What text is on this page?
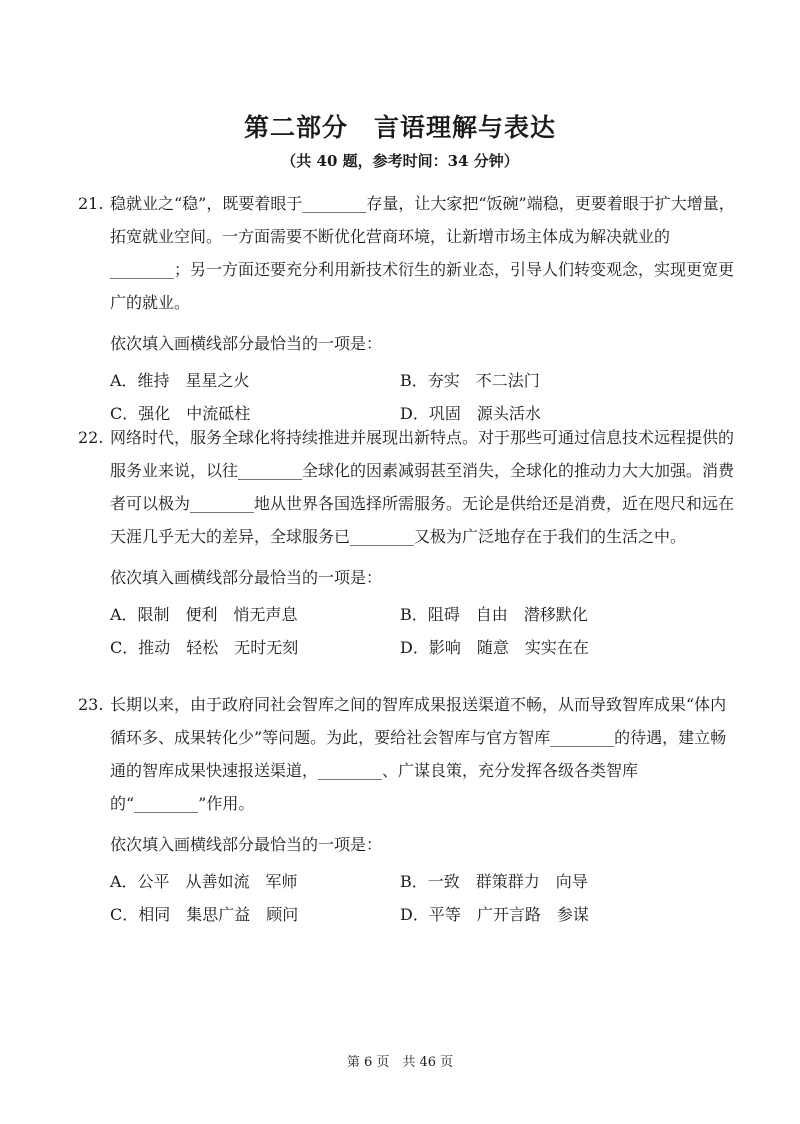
第二部分　言语理解与表达
（共 40 题，参考时间：34 分钟）

21. 稳就业之“稳”，既要着眼于________存量，让大家把“饭碗”端稳，更要着眼于扩大增量，拓宽就业空间。一方面需要不断优化营商环境，让新增市场主体成为解决就业的________；另一方面还要充分利用新技术衍生的新业态，引导人们转变观念，实现更宽更广的就业。

依次填入画横线部分最恰当的一项是：
A．维持　星星之火	B．夯实　不二法门
C．强化　中流砥柱	D．巩固　源头活水

22. 网络时代，服务全球化将持续推进并展现出新特点。对于那些可通过信息技术远程提供的服务业来说，以往________全球化的因素减弱甚至消失，全球化的推动力大大加强。消费者可以极为________地从世界各国选择所需服务。无论是供给还是消费，近在咫尺和远在天涯几乎无大的差异，全球服务已________又极为广泛地存在于我们的生活之中。

依次填入画横线部分最恰当的一项是：
A．限制　便利　悄无声息	B．阻碍　自由　潜移默化
C．推动　轻松　无时无刻	D．影响　随意　实实在在

23. 长期以来，由于政府同社会智库之间的智库成果报送渠道不畅，从而导致智库成果“体内循环多、成果转化少”等问题。为此，要给社会智库与官方智库________的待遇，建立畅通的智库成果快速报送渠道，________、广谋良策，充分发挥各级各类智库的“________”作用。

依次填入画横线部分最恰当的一项是：
A．公平　从善如流　军师	B．一致　群策群力　向导
C．相同　集思广益　顾问	D．平等　广开言路　参谋
第 6 页　共 46 页
